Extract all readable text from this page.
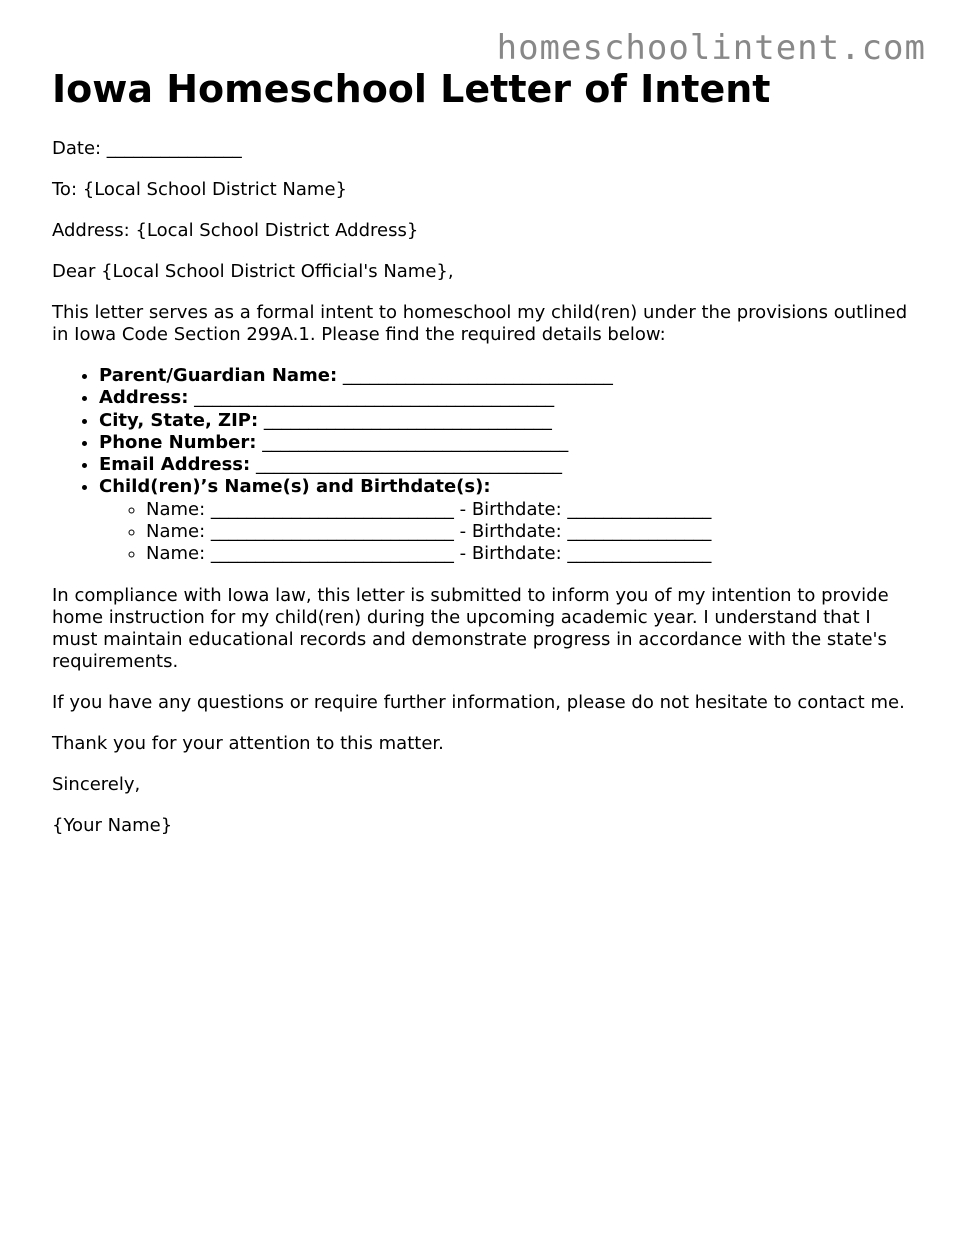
homeschoolintent.com
Iowa Homeschool Letter of Intent

Date: _______________

To: {Local School District Name}

Address: {Local School District Address}

Dear {Local School District Official's Name},

This letter serves as a formal intent to homeschool my child(ren) under the provisions outlined in Iowa Code Section 299A.1. Please find the required details below:

• Parent/Guardian Name: ______________________________
• Address: ________________________________________
• City, State, ZIP: ________________________________
• Phone Number: __________________________________
• Email Address: __________________________________
• Child(ren)’s Name(s) and Birthdate(s):
◦ Name: ___________________________ - Birthdate: ________________
◦ Name: ___________________________ - Birthdate: ________________
◦ Name: ___________________________ - Birthdate: ________________

In compliance with Iowa law, this letter is submitted to inform you of my intention to provide home instruction for my child(ren) during the upcoming academic year. I understand that I must maintain educational records and demonstrate progress in accordance with the state's requirements.

If you have any questions or require further information, please do not hesitate to contact me.

Thank you for your attention to this matter.

Sincerely,

{Your Name}
